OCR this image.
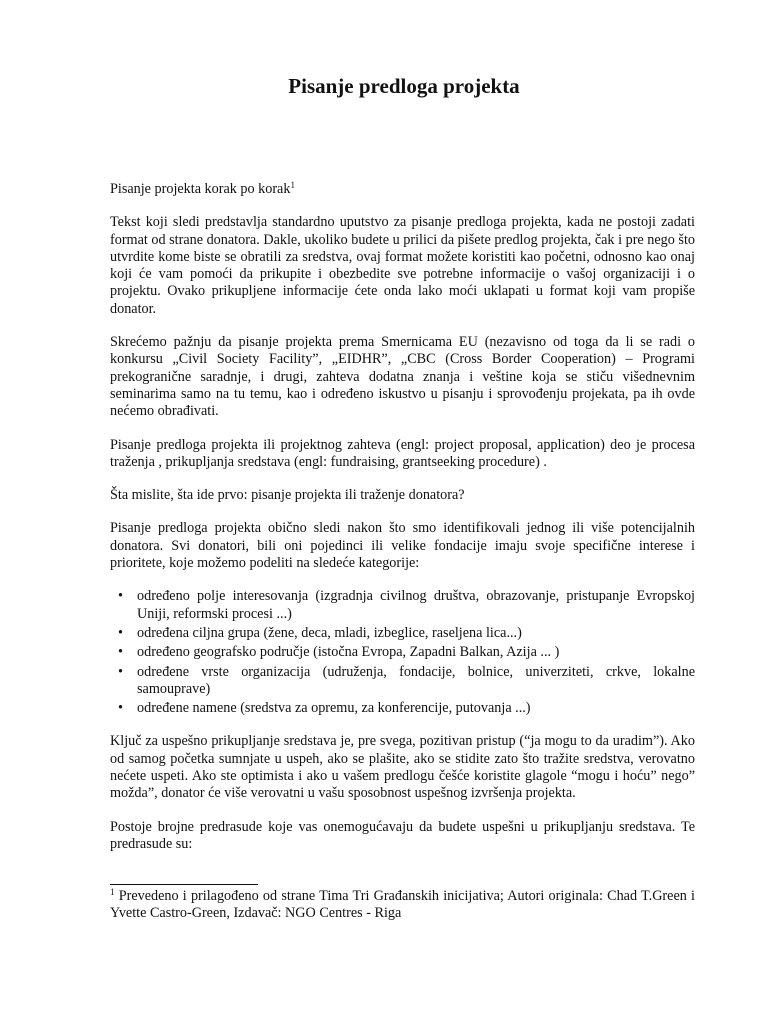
Pisanje predloga projekta

Pisanje projekta korak po korak$^1$

Tekst koji sledi predstavlja standardno uputstvo za pisanje predloga projekta, kada ne postoji zadati format od strane donatora. Dakle, ukoliko budete u prilici da pišete predlog projekta, čak i pre nego što utvrdite kome biste se obratili za sredstva, ovaj format možete koristiti kao početni, odnosno kao onaj koji će vam pomoći da prikupite i obezbedite sve potrebne informacije o vašoj organizaciji i o projektu. Ovako prikupljene informacije ćete onda lako moći uklapati u format koji vam propiše donator.

Skrećemo pažnju da pisanje projekta prema Smernicama EU (nezavisno od toga da li se radi o konkursu „Civil Society Facility”, „EIDHR”, „CBC (Cross Border Cooperation) – Programi prekogranične saradnje, i drugi, zahteva dodatna znanja i veštine koja se stiču višednevnim seminarima samo na tu temu, kao i određeno iskustvo u pisanju i sprovođenju projekata, pa ih ovde nećemo obrađivati.

Pisanje predloga projekta ili projektnog zahteva (engl: project proposal, application) deo je procesa traženja , prikupljanja sredstava (engl: fundraising, grantseeking procedure) .

Šta mislite, šta ide prvo: pisanje projekta ili traženje donatora?

Pisanje predloga projekta obično sledi nakon što smo identifikovali jednog ili više potencijalnih donatora. Svi donatori, bili oni pojedinci ili velike fondacije imaju svoje specifične interese i prioritete, koje možemo podeliti na sledeće kategorije:

• određeno polje interesovanja (izgradnja civilnog društva, obrazovanje, pristupanje Evropskoj Uniji, reformski procesi ...)
• određena ciljna grupa (žene, deca, mladi, izbeglice, raseljena lica...)
• određeno geografsko područje (istočna Evropa, Zapadni Balkan, Azija ... )
• određene vrste organizacija (udruženja, fondacije, bolnice, univerziteti, crkve, lokalne samouprave)
• određene namene (sredstva za opremu, za konferencije, putovanja ...)

Ključ za uspešno prikupljanje sredstava je, pre svega, pozitivan pristup (“ja mogu to da uradim”). Ako od samog početka sumnjate u uspeh, ako se plašite, ako se stidite zato što tražite sredstva, verovatno nećete uspeti. Ako ste optimista i ako u vašem predlogu češće koristite glagole “mogu i hoću” nego” možda”, donator će više verovatni u vašu sposobnost uspešnog izvršenja projekta.

Postoje brojne predrasude koje vas onemogućavaju da budete uspešni u prikupljanju sredstava. Te predrasude su:

$^1$ Prevedeno i prilagođeno od strane Tima Tri Građanskih inicijativa; Autori originala: Chad T.Green i Yvette Castro-Green, Izdavač: NGO Centres - Riga
